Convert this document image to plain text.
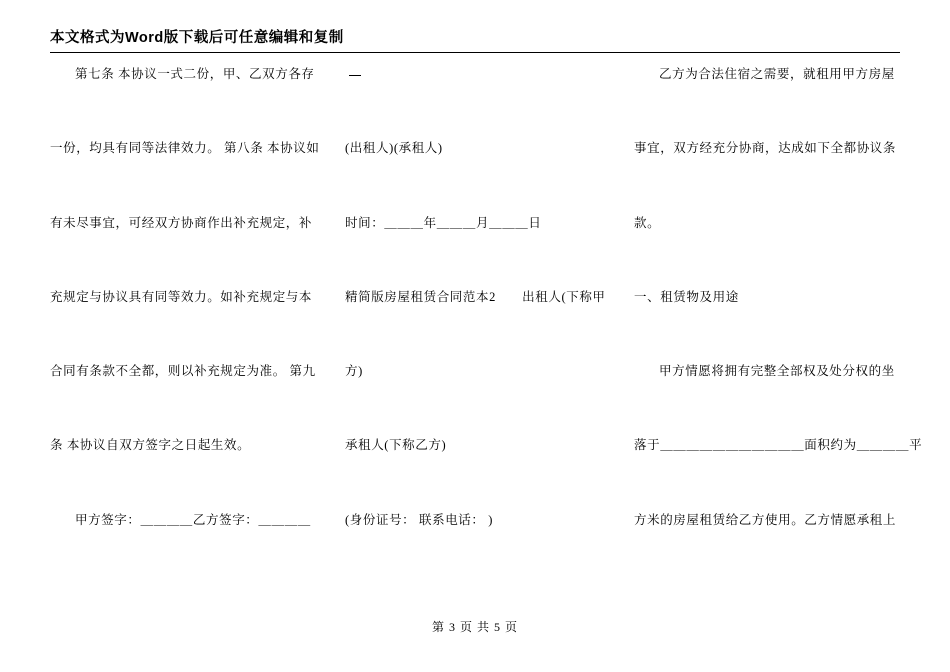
本文格式为Word版下载后可任意编辑和复制
第七条 本协议一式二份，甲、乙双方各存
一份，均具有同等法律效力。 第八条 本协议如
有未尽事宜，可经双方协商作出补充规定，补
充规定与协议具有同等效力。如补充规定与本
合同有条款不全都，则以补充规定为准。 第九
条 本协议自双方签字之日起生效。
甲方签字：＿＿＿＿乙方签字：＿＿＿＿
(出租人)(承租人)
时间：＿＿＿年＿＿＿月＿＿＿日
精简版房屋租赁合同范本2　　出租人(下称甲
方)
承租人(下称乙方)
(身份证号： 联系电话： )
乙方为合法住宿之需要，就租用甲方房屋
事宜，双方经充分协商，达成如下全都协议条
款。
一、租赁物及用途
甲方情愿将拥有完整全部权及处分权的坐
落于＿＿＿＿＿＿＿＿＿＿＿面积约为＿＿＿＿平
方米的房屋租赁给乙方使用。乙方情愿承租上
第 3 页 共 5 页
